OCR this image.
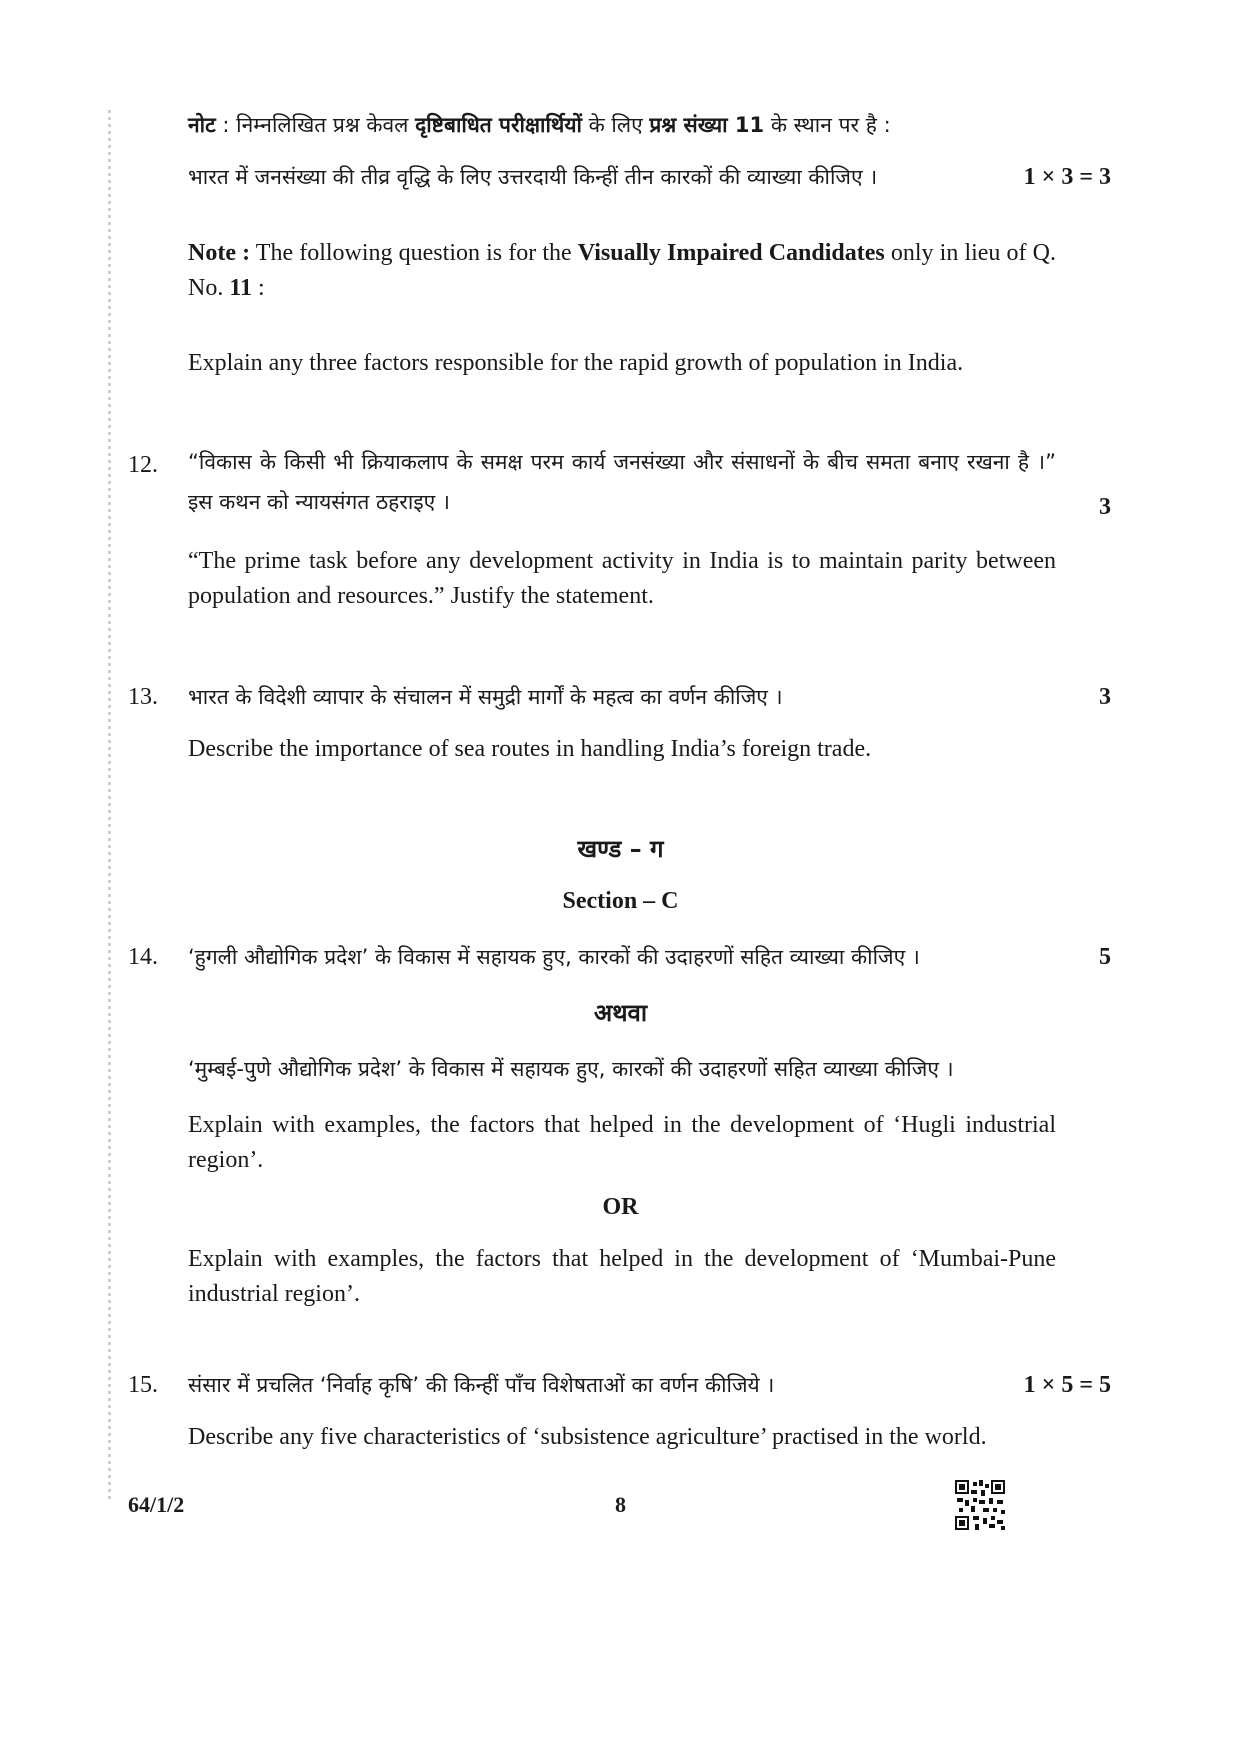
नोट : निम्नलिखित प्रश्न केवल दृष्टिबाधित परीक्षार्थियों के लिए प्रश्न संख्या 11 के स्थान पर है :
भारत में जनसंख्या की तीव्र वृद्धि के लिए उत्तरदायी किन्हीं तीन कारकों की व्याख्या कीजिए ।	1 × 3 = 3
Note : The following question is for the Visually Impaired Candidates only in lieu of Q. No. 11 :
Explain any three factors responsible for the rapid growth of population in India.
12. “विकास के किसी भी क्रियाकलाप के समक्ष परम कार्य जनसंख्या और संसाधनों के बीच समता बनाए रखना है ।” इस कथन को न्यायसंगत ठहराइए ।	3
“The prime task before any development activity in India is to maintain parity between population and resources.” Justify the statement.
13. भारत के विदेशी व्यापार के संचालन में समुद्री मार्गों के महत्व का वर्णन कीजिए ।	3
Describe the importance of sea routes in handling India’s foreign trade.
खण्ड – ग
Section – C
14. ‘हुगली औद्योगिक प्रदेश’ के विकास में सहायक हुए, कारकों की उदाहरणों सहित व्याख्या कीजिए ।	5
अथवा
‘मुम्बई-पुणे औद्योगिक प्रदेश’ के विकास में सहायक हुए, कारकों की उदाहरणों सहित व्याख्या कीजिए ।
Explain with examples, the factors that helped in the development of ‘Hugli industrial region’.
OR
Explain with examples, the factors that helped in the development of ‘Mumbai-Pune industrial region’.
15. संसार में प्रचलित ‘निर्वाह कृषि’ की किन्हीं पाँच विशेषताओं का वर्णन कीजिये ।	1 × 5 = 5
Describe any five characteristics of ‘subsistence agriculture’ practised in the world.
64/1/2	8
